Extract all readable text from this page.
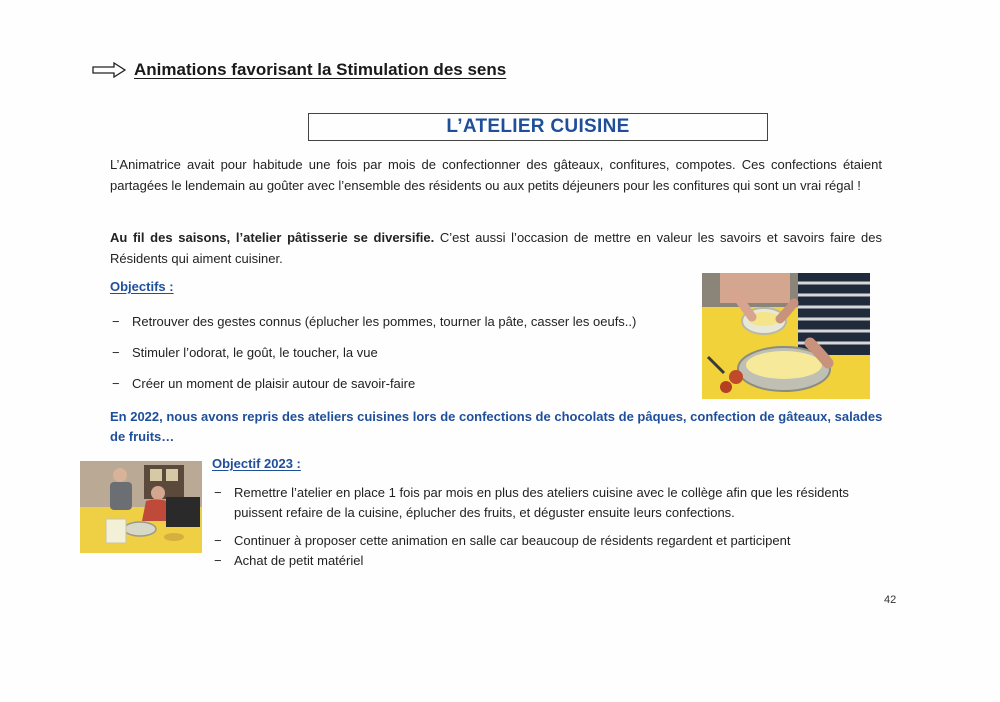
Animations favorisant la Stimulation des sens
L’ATELIER CUISINE

L’Animatrice avait pour habitude une fois par mois de confectionner des gâteaux, confitures, compotes. Ces confections étaient partagées le lendemain au goûter avec l’ensemble des résidents ou aux petits déjeuners pour les confitures qui sont un vrai régal !

Au fil des saisons, l’atelier pâtisserie se diversifie. C’est aussi l’occasion de mettre en valeur les savoirs et savoirs faire des Résidents qui aiment cuisiner.

Objectifs :
− Retrouver des gestes connus (éplucher les pommes, tourner la pâte, casser les oeufs..)
− Stimuler l’odorat, le goût, le toucher, la vue
− Créer un moment de plaisir autour de savoir-faire

En 2022, nous avons repris des ateliers cuisines lors de confections de chocolats de pâques, confection de gâteaux, salades de fruits…

Objectif 2023 :
− Remettre l’atelier en place 1 fois par mois en plus des ateliers cuisine avec le collège afin que les résidents puissent refaire de la cuisine, éplucher des fruits, et déguster ensuite leurs confections.
− Continuer à proposer cette animation en salle car beaucoup de résidents regardent et participent
− Achat de petit matériel
42
